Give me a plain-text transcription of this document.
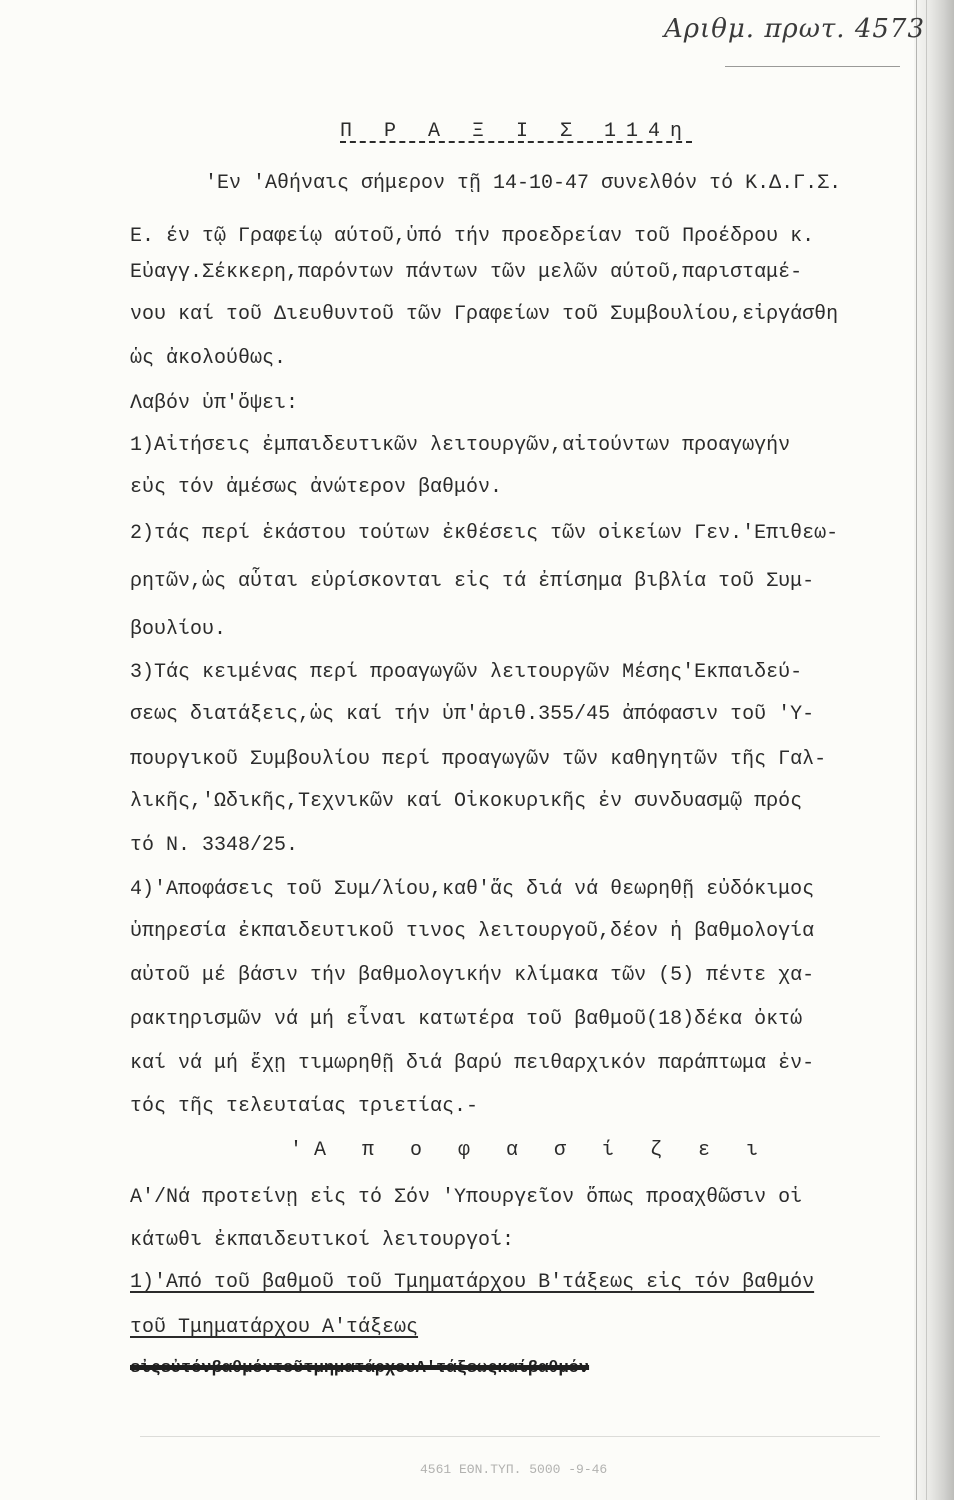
Αριθμ. πρωτ. 4573
Π Ρ Α Ξ Ι Σ 114η
'Εν 'Αθήναις σήμερον τῇ 14-10-47 συνελθόν τό Κ.Δ.Γ.Σ.
Ε. έν τῷ Γραφείῳ αύτοῦ,ὑπό τήν προεδρείαν τοῦ Προέδρου κ.
Εὐαγγ.Σέκκερη,παρόντων πάντων τῶν μελῶν αύτοῦ,παρισταμέ-
νου καί τοῦ Διευθυντοῦ τῶν Γραφείων τοῦ Συμβουλίου,εἰργάσθη
ὡς ἀκολούθως.
Λαβόν ὑπ'ὄψει:
1)Αἰτήσεις ἐμπαιδευτικῶν λειτουργῶν,αἰτούντων προαγωγήν
εὐς τόν ἀμέσως ἀνώτερον βαθμόν.
2)τάς περί ἑκάστου τούτων ἐκθέσεις τῶν οἰκείων Γεν.'Επιθεω-
ρητῶν,ὡς αὗται εὑρίσκονται εἰς τά ἐπίσημα βιβλία τοῦ Συμ-
βουλίου.
3)Τάς κειμένας περί προαγωγῶν λειτουργῶν Μέσης'Εκπαιδεύ-
σεως διατάξεις,ὡς καί τήν ὑπ'ἀριθ.355/45 ἀπόφασιν τοῦ 'Υ-
πουργικοῦ Συμβουλίου περί προαγωγῶν τῶν καθηγητῶν τῆς Γαλ-
λικῆς,'Ωδικῆς,Τεχνικῶν καί Οἰκοκυρικῆς ἐν συνδυασμῷ πρός
τό Ν. 3348/25.
4)'Αποφάσεις τοῦ Συμ/λίου,καθ'ἅς διά νά θεωρηθῇ εὐδόκιμος
ὑπηρεσία ἐκπαιδευτικοῦ τινος λειτουργοῦ,δέον ἡ βαθμολογία
αὐτοῦ μέ βάσιν τήν βαθμολογικήν κλίμακα τῶν (5) πέντε χα-
ρακτηρισμῶν νά μή εἶναι κατωτέρα τοῦ βαθμοῦ(18)δέκα ὀκτώ
καί νά μή ἔχῃ τιμωρηθῇ διά βαρύ πειθαρχικόν παράπτωμα ἐν-
τός τῆς τελευταίας τριετίας.-
'Α π ο φ α σ ί ζ ε ι
Α'/Νά προτείνῃ εἰς τό Σόν 'Υπουργεῖον ὅπως προαχθῶσιν οἱ
κάτωθι ἐκπαιδευτικοί λειτουργοί:
1)'Από τοῦ βαθμοῦ τοῦ Τμηματάρχου Β'τάξεως εἰς τόν βαθμόν
τοῦ Τμηματάρχου Α'τάξεως
εἰςεὐτόνβαθμόντοῦτμηματάρχουΑ'τάξεωςκαίβαθμόν
4561 ΕΘΝ.ΤΥΠ. 5000 -9-46
